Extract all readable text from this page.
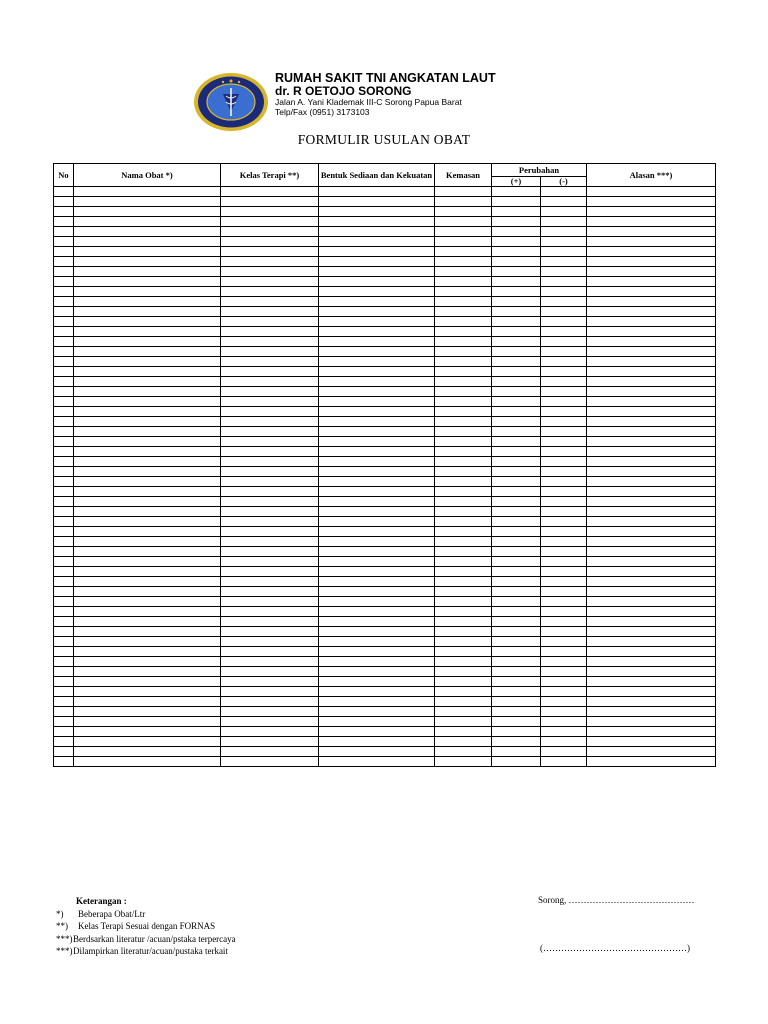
RUMAH SAKIT TNI ANGKATAN LAUT
dr. R OETOJO SORONG
Jalan A. Yani Klademak III-C Sorong Papua Barat
Telp/Fax (0951) 3173103
FORMULIR USULAN OBAT
No	Nama Obat *)	Kelas Terapi **)	Bentuk Sediaan dan Kekuatan	Kemasan	Perubahan		Alasan ***)
					(+)	(-)	

Keterangan :
*)	Beberapa Obat/Ltr
**)	Kelas Terapi Sesuai dengan FORNAS
***) Berdsarkan literatur /acuan/pstaka terpercaya
***) Dilampirkan literatur/acuan/pustaka terkait
Sorong, ……………………………………
(…………………………………………)
